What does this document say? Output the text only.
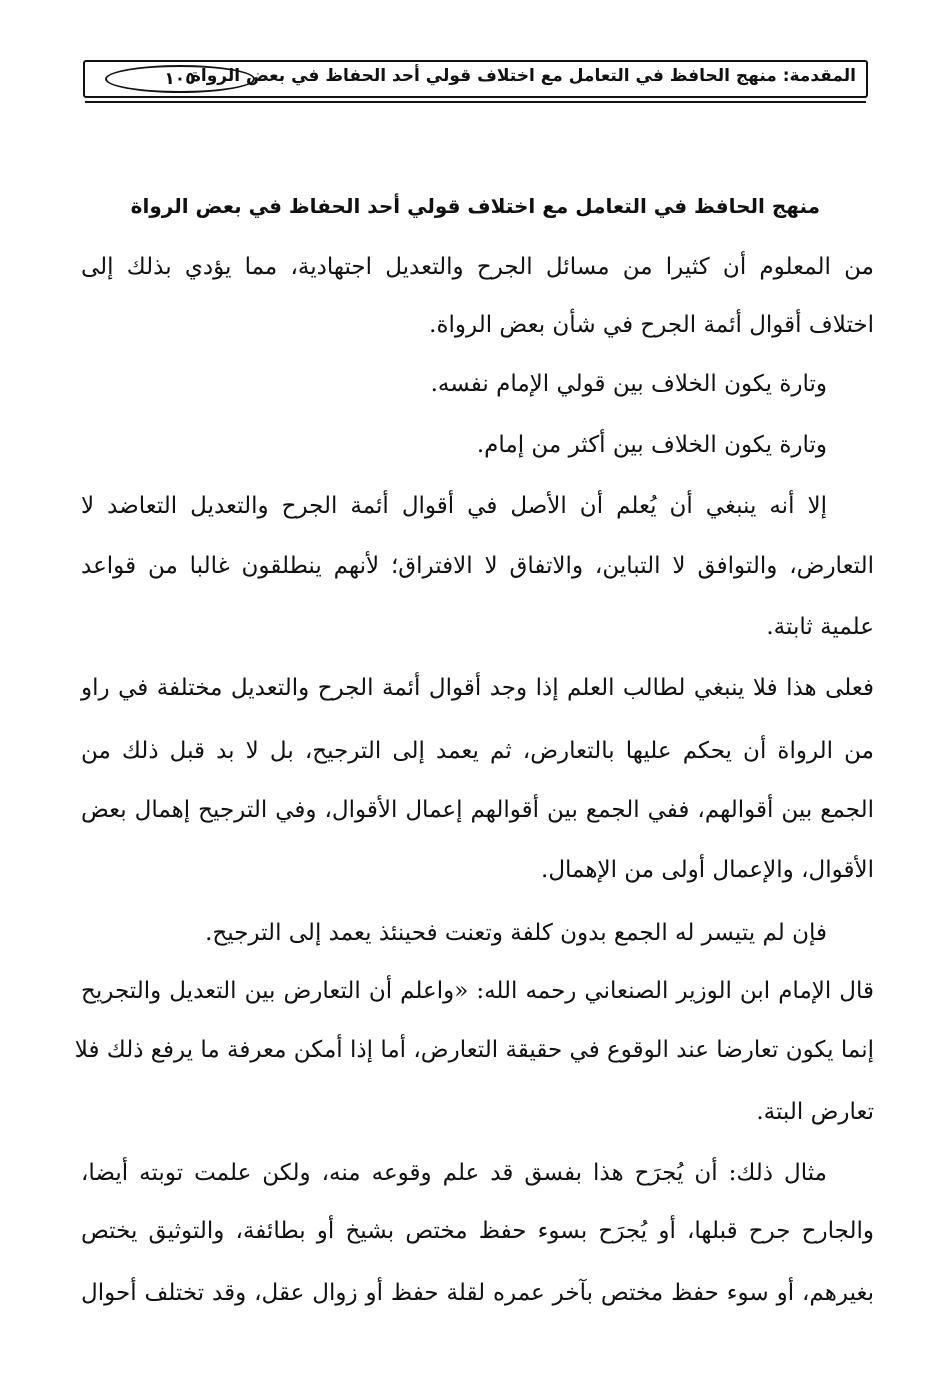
المقدمة: منهج الحافظ في التعامل مع اختلاف قولي أحد الحفاظ في بعض الرواة
١٠٥
منهج الحافظ في التعامل مع اختلاف قولي أحد الحفاظ في بعض الرواة
من المعلوم أن كثيرا من مسائل الجرح والتعديل اجتهادية، مما يؤدي بذلك إلى
اختلاف أقوال أئمة الجرح في شأن بعض الرواة.
وتارة يكون الخلاف بين قولي الإمام نفسه.
وتارة يكون الخلاف بين أكثر من إمام.
إلا أنه ينبغي أن يُعلم أن الأصل في أقوال أئمة الجرح والتعديل التعاضد لا
التعارض، والتوافق لا التباين، والاتفاق لا الافتراق؛ لأنهم ينطلقون غالبا من قواعد
علمية ثابتة.
فعلى هذا فلا ينبغي لطالب العلم إذا وجد أقوال أئمة الجرح والتعديل مختلفة في راو
من الرواة أن يحكم عليها بالتعارض، ثم يعمد إلى الترجيح، بل لا بد قبل ذلك من
الجمع بين أقوالهم، ففي الجمع بين أقوالهم إعمال الأقوال، وفي الترجيح إهمال بعض
الأقوال، والإعمال أولى من الإهمال.
فإن لم يتيسر له الجمع بدون كلفة وتعنت فحينئذ يعمد إلى الترجيح.
قال الإمام ابن الوزير الصنعاني رحمه الله: «واعلم أن التعارض بين التعديل والتجريح
إنما يكون تعارضا عند الوقوع في حقيقة التعارض، أما إذا أمكن معرفة ما يرفع ذلك فلا
تعارض البتة.
مثال ذلك: أن يُجرَح هذا بفسق قد علم وقوعه منه، ولكن علمت توبته أيضا،
والجارح جرح قبلها، أو يُجرَح بسوء حفظ مختص بشيخ أو بطائفة، والتوثيق يختص
بغيرهم، أو سوء حفظ مختص بآخر عمره لقلة حفظ أو زوال عقل، وقد تختلف أحوال
